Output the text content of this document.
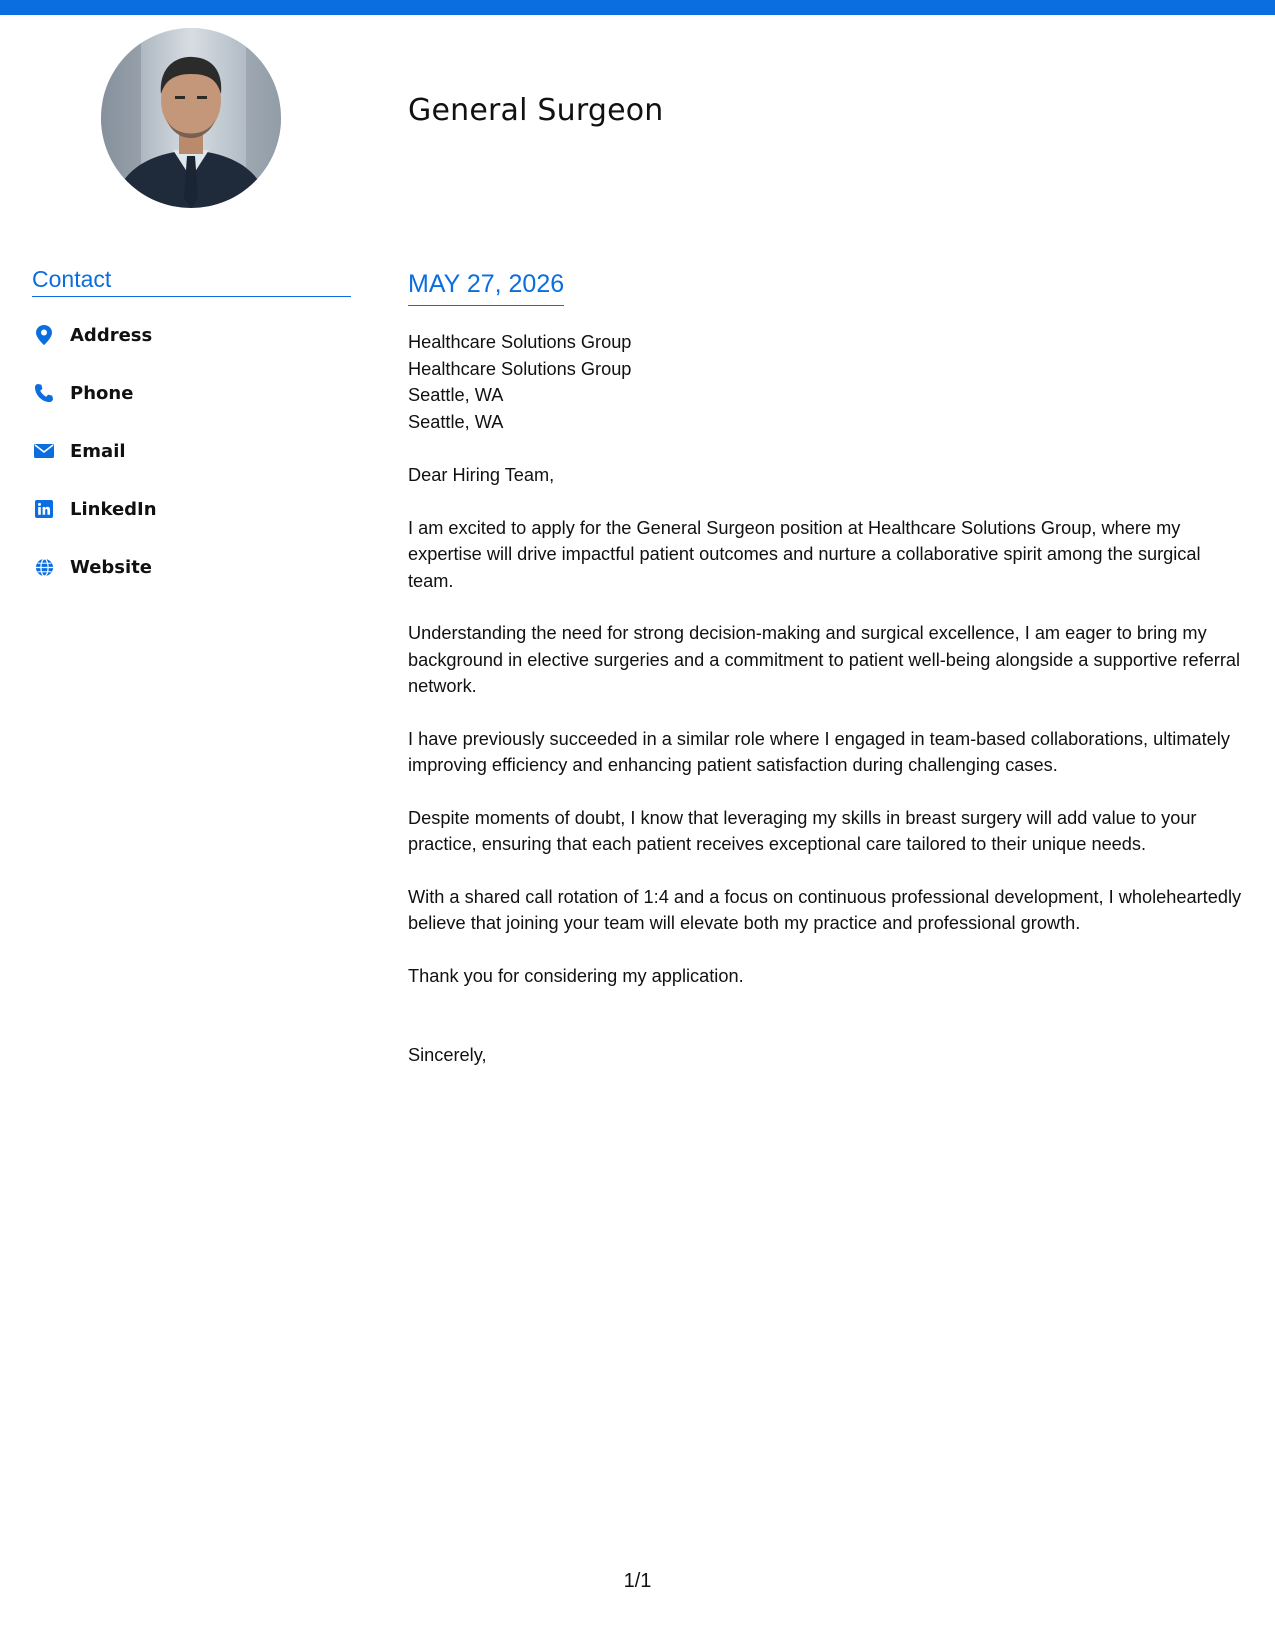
General Surgeon
Contact
Address
Phone
Email
LinkedIn
Website
MAY 27, 2026

Healthcare Solutions Group

Healthcare Solutions Group

Seattle, WA

Seattle, WA

Dear Hiring Team,

I am excited to apply for the General Surgeon position at Healthcare Solutions Group, where my expertise will drive impactful patient outcomes and nurture a collaborative spirit among the surgical team.

Understanding the need for strong decision-making and surgical excellence, I am eager to bring my background in elective surgeries and a commitment to patient well-being alongside a supportive referral network.

I have previously succeeded in a similar role where I engaged in team-based collaborations, ultimately improving efficiency and enhancing patient satisfaction during challenging cases.

Despite moments of doubt, I know that leveraging my skills in breast surgery will add value to your practice, ensuring that each patient receives exceptional care tailored to their unique needs.

With a shared call rotation of 1:4 and a focus on continuous professional development, I wholeheartedly believe that joining your team will elevate both my practice and professional growth.

Thank you for considering my application.

Sincerely,

1/1
